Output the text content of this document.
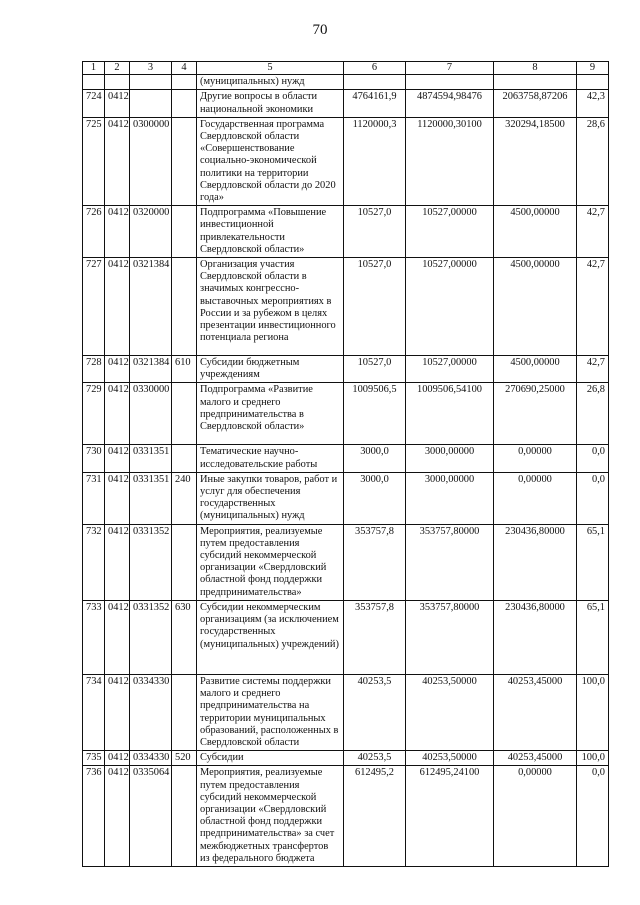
70
1	2	3	4	5	6	7	8	9
				(муниципальных) нужд				
724	0412			Другие вопросы в области национальной экономики	4764161,9	4874594,98476	2063758,87206	42,3
725	0412	0300000		Государственная программа Свердловской области «Совершенствование социально-экономической политики на территории Свердловской области до 2020 года»	1120000,3	1120000,30100	320294,18500	28,6
726	0412	0320000		Подпрограмма «Повышение инвестиционной привлекательности Свердловской области»	10527,0	10527,00000	4500,00000	42,7
727	0412	0321384		Организация участия Свердловской области в значимых конгрессно-выставочных мероприятиях в России и за рубежом в целях презентации инвестиционного потенциала региона	10527,0	10527,00000	4500,00000	42,7
728	0412	0321384	610	Субсидии бюджетным учреждениям	10527,0	10527,00000	4500,00000	42,7
729	0412	0330000		Подпрограмма «Развитие малого и среднего предпринимательства в Свердловской области»	1009506,5	1009506,54100	270690,25000	26,8
730	0412	0331351		Тематические научно-исследовательские работы	3000,0	3000,00000	0,00000	0,0
731	0412	0331351	240	Иные закупки товаров, работ и услуг для обеспечения государственных (муниципальных) нужд	3000,0	3000,00000	0,00000	0,0
732	0412	0331352		Мероприятия, реализуемые путем предоставления субсидий некоммерческой организации «Свердловский областной фонд поддержки предпринимательства»	353757,8	353757,80000	230436,80000	65,1
733	0412	0331352	630	Субсидии некоммерческим организациям (за исключением государственных (муниципальных) учреждений)	353757,8	353757,80000	230436,80000	65,1
734	0412	0334330		Развитие системы поддержки малого и среднего предпринимательства на территории муниципальных образований, расположенных в Свердловской области	40253,5	40253,50000	40253,45000	100,0
735	0412	0334330	520	Субсидии	40253,5	40253,50000	40253,45000	100,0
736	0412	0335064		Мероприятия, реализуемые путем предоставления субсидий некоммерческой организации «Свердловский областной фонд поддержки предпринимательства» за счет межбюджетных трансфертов из федерального бюджета	612495,2	612495,24100	0,00000	0,0
